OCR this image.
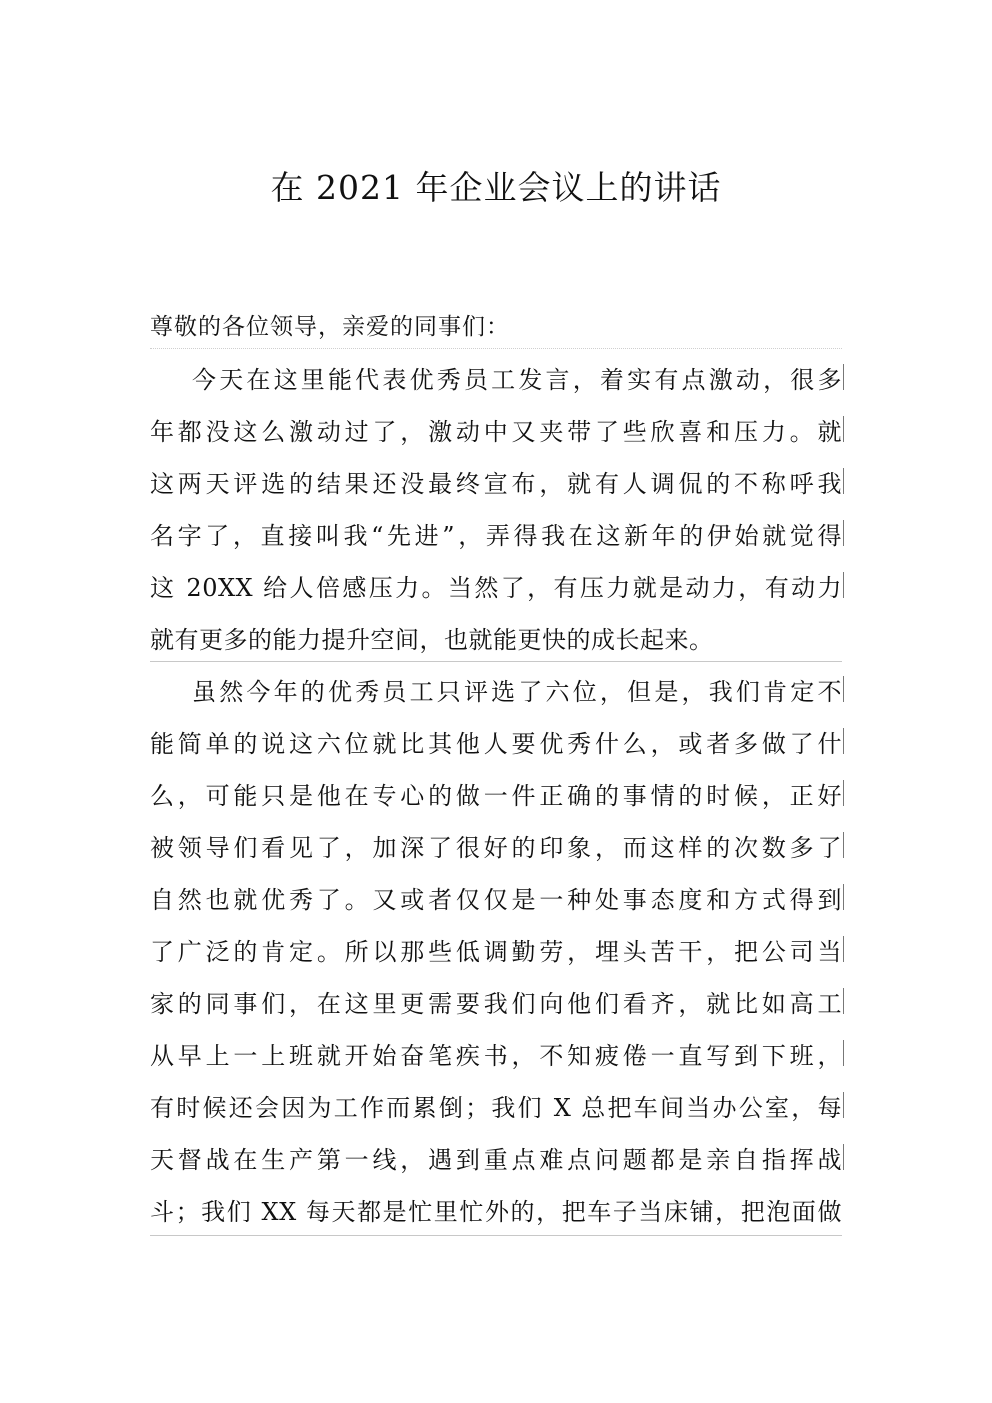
在 2021 年企业会议上的讲话
尊敬的各位领导，亲爱的同事们：
今天在这里能代表优秀员工发言，着实有点激动，很多
年都没这么激动过了，激动中又夹带了些欣喜和压力。就
这两天评选的结果还没最终宣布，就有人调侃的不称呼我
名字了，直接叫我“先进”，弄得我在这新年的伊始就觉得
这 20XX 给人倍感压力。当然了，有压力就是动力，有动力
就有更多的能力提升空间，也就能更快的成长起来。
虽然今年的优秀员工只评选了六位，但是，我们肯定不
能简单的说这六位就比其他人要优秀什么，或者多做了什
么，可能只是他在专心的做一件正确的事情的时候，正好
被领导们看见了，加深了很好的印象，而这样的次数多了
自然也就优秀了。又或者仅仅是一种处事态度和方式得到
了广泛的肯定。所以那些低调勤劳，埋头苦干，把公司当
家的同事们，在这里更需要我们向他们看齐，就比如高工
从早上一上班就开始奋笔疾书，不知疲倦一直写到下班，
有时候还会因为工作而累倒；我们 X 总把车间当办公室，每
天督战在生产第一线，遇到重点难点问题都是亲自指挥战
斗；我们 XX 每天都是忙里忙外的，把车子当床铺，把泡面做
